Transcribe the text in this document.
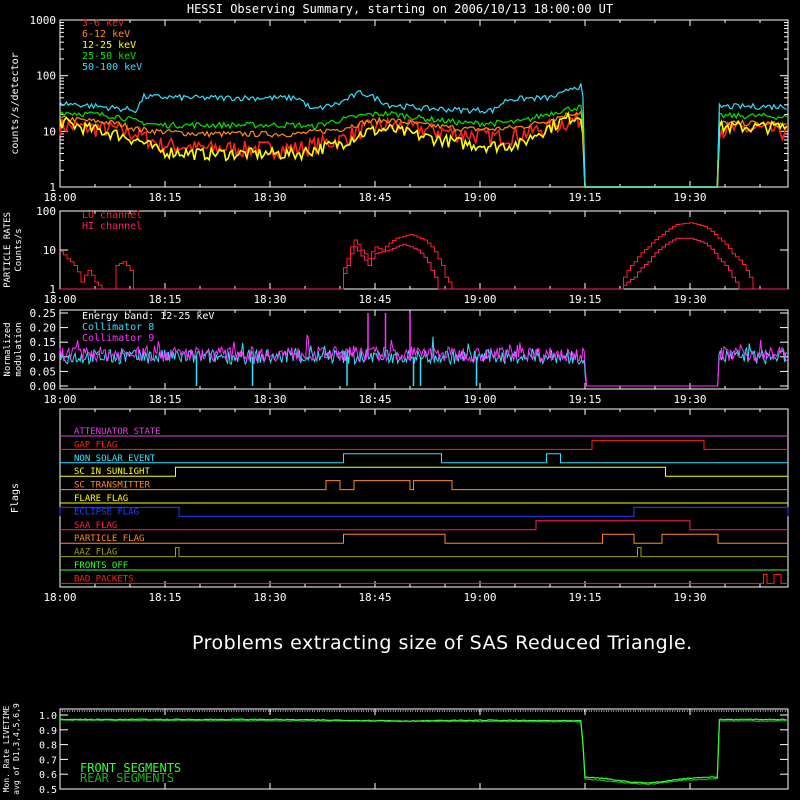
HESSI Observing Summary, starting on 2006/10/13 18:00:00 UT
18:00	18:15	18:30	18:45	19:00	19:15	19:30
1
10
100
1000
counts/s/detector
3-6 keV
6-12 keV
12-25 keV
25-50 keV
50-100 keV
18:00	18:15	18:30	18:45	19:00	19:15	19:30
1
10
100
PARTICLE RATES Counts/s
LO channel
HI channel
18:00	18:15	18:30	18:45	19:00	19:15	19:30
0.00
0.05
0.10
0.15
0.20
0.25
Normalized modulation	Collimator 8
Collimator 9
Energy band: 12-25 keV
18:00	18:15	18:30	18:45	19:00	19:15	19:30
Flags
ATTENUATOR STATE
GAP FLAG
NON SOLAR EVENT
SC IN SUNLIGHT
SC TRANSMITTER
FLARE FLAG
ECLIPSE FLAG
SAA FLAG
PARTICLE FLAG
AAZ FLAG
FRONTS OFF
BAD PACKETS
0.5
0.6
0.7
0.8
0.9
1.0
Mon. Rate LIVETIME avg of D1,3,4,5,6,9	FRONT SEGMENTS
REAR SEGMENTS
Problems extracting size of SAS Reduced Triangle.
